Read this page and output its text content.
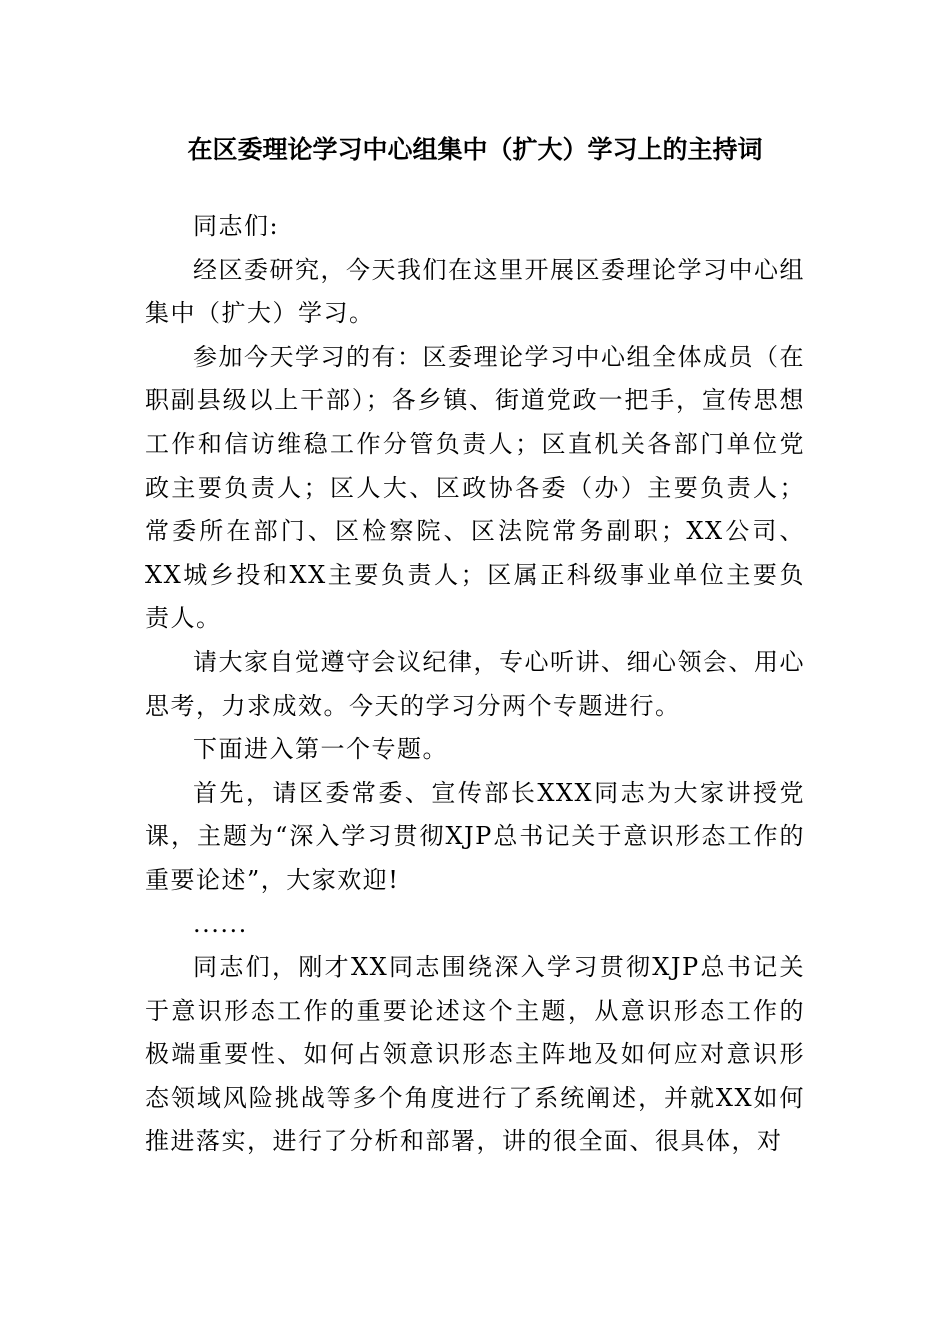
在区委理论学习中心组集中（扩大）学习上的主持词

同志们:

经区委研究，今天我们在这里开展区委理论学习中心组集中（扩大）学习。

参加今天学习的有：区委理论学习中心组全体成员（在职副县级以上干部）；各乡镇、街道党政一把手，宣传思想工作和信访维稳工作分管负责人；区直机关各部门单位党政主要负责人；区人大、区政协各委（办）主要负责人；常委所在部门、区检察院、区法院常务副职；XX公司、XX城乡投和XX主要负责人；区属正科级事业单位主要负责人。

请大家自觉遵守会议纪律，专心听讲、细心领会、用心思考，力求成效。今天的学习分两个专题进行。

下面进入第一个专题。

首先，请区委常委、宣传部长XXX同志为大家讲授党课，主题为“深入学习贯彻XJP总书记关于意识形态工作的重要论述”，大家欢迎!

......

同志们，刚才XX同志围绕深入学习贯彻XJP总书记关于意识形态工作的重要论述这个主题，从意识形态工作的极端重要性、如何占领意识形态主阵地及如何应对意识形态领域风险挑战等多个角度进行了系统阐述，并就XX如何推进落实，进行了分析和部署，讲的很全面、很具体，对
